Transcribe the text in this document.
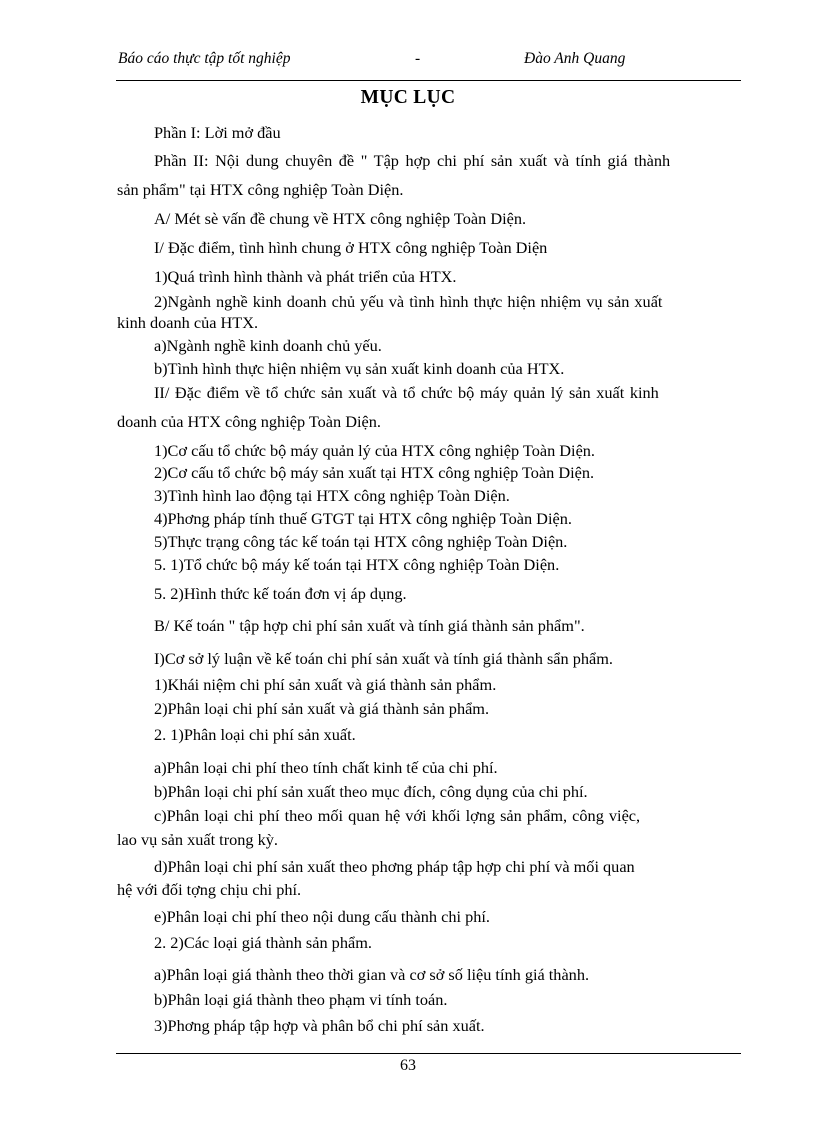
Báo cáo thực tập tốt nghiệp	-	Đào Anh Quang
MỤC LỤC
Phần I: Lời mở đầu
Phần II: Nội dung chuyên đề " Tập hợp chi phí sản xuất và tính giá thành
sản phẩm" tại HTX công nghiệp Toàn Diện.
A/ Mét sè vấn đề chung về HTX công nghiệp Toàn Diện.
I/ Đặc điểm, tình hình chung ở HTX công nghiệp Toàn Diện
1)Quá trình hình thành và phát triển của HTX.
2)Ngành nghề kinh doanh chủ yếu và tình hình thực hiện nhiệm vụ sản xuất
kinh doanh của HTX.
a)Ngành nghề kinh doanh chủ yếu.
b)Tình hình thực hiện nhiệm vụ sản xuất kinh doanh của HTX.
II/ Đặc điểm về tổ chức sản xuất và tổ chức bộ máy quản lý sản xuất kinh
doanh của HTX công nghiệp Toàn Diện.
1)Cơ cấu tổ chức bộ máy quản lý của HTX công nghiệp Toàn Diện.
2)Cơ cấu tổ chức bộ máy sản xuất tại HTX công nghiệp Toàn Diện.
3)Tình hình lao động tại HTX công nghiệp Toàn Diện.
4)Phơng pháp tính thuế GTGT tại HTX công nghiệp Toàn Diện.
5)Thực trạng công tác kế toán tại HTX công nghiệp Toàn Diện.
5. 1)Tổ chức bộ máy kế toán tại HTX công nghiệp Toàn Diện.
5. 2)Hình thức kế toán đơn vị áp dụng.
B/ Kế toán " tập hợp chi phí sản xuất và tính giá thành sản phẩm".
I)Cơ sở lý luận về kế toán chi phí sản xuất và tính giá thành sẩn phẩm.
1)Khái niệm chi phí sản xuất và giá thành sản phẩm.
2)Phân loại chi phí sản xuất và giá thành sản phẩm.
2. 1)Phân loại chi phí sản xuất.
a)Phân loại chi phí theo tính chất kinh tế của chi phí.
b)Phân loại chi phí sản xuất theo mục đích, công dụng của chi phí.
c)Phân loại chi phí theo mối quan hệ với khối lợng sản phẩm, công việc,
lao vụ sản xuất trong kỳ.
d)Phân loại chi phí sản xuất theo phơng pháp tập hợp chi phí và mối quan
hệ với đối tợng chịu chi phí.
e)Phân loại chi phí theo nội dung cấu thành chi phí.
2. 2)Các loại giá thành sản phẩm.
a)Phân loại giá thành theo thời gian và cơ sở số liệu tính giá thành.
b)Phân loại giá thành theo phạm vi tính toán.
3)Phơng pháp tập hợp và phân bổ chi phí sản xuất.
63
